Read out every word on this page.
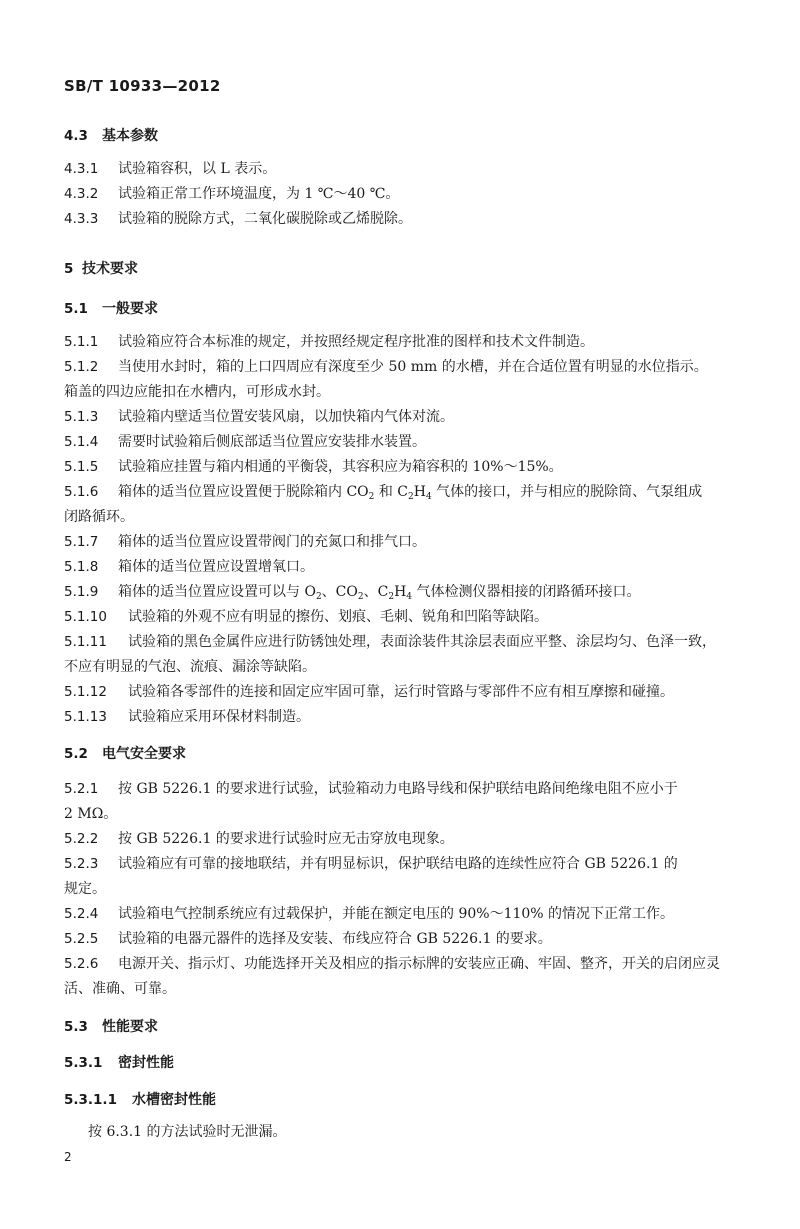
SB/T 10933—2012
4.3 基本参数
4.3.1 试验箱容积，以 L 表示。
4.3.2 试验箱正常工作环境温度，为 1 ℃～40 ℃。
4.3.3 试验箱的脱除方式，二氧化碳脱除或乙烯脱除。
5 技术要求
5.1 一般要求
5.1.1 试验箱应符合本标准的规定，并按照经规定程序批准的图样和技术文件制造。
5.1.2 当使用水封时，箱的上口四周应有深度至少 50 mm 的水槽，并在合适位置有明显的水位指示。
箱盖的四边应能扣在水槽内，可形成水封。
5.1.3 试验箱内壁适当位置安装风扇，以加快箱内气体对流。
5.1.4 需要时试验箱后侧底部适当位置应安装排水装置。
5.1.5 试验箱应挂置与箱内相通的平衡袋，其容积应为箱容积的 10%～15%。
5.1.6 箱体的适当位置应设置便于脱除箱内 $CO_2$ 和 $C_2H_4$ 气体的接口，并与相应的脱除筒、气泵组成
闭路循环。
5.1.7 箱体的适当位置应设置带阀门的充氮口和排气口。
5.1.8 箱体的适当位置应设置增氧口。
5.1.9 箱体的适当位置应设置可以与 $O_2$、$CO_2$、$C_2H_4$ 气体检测仪器相接的闭路循环接口。
5.1.10 试验箱的外观不应有明显的擦伤、划痕、毛刺、锐角和凹陷等缺陷。
5.1.11 试验箱的黑色金属件应进行防锈蚀处理，表面涂装件其涂层表面应平整、涂层均匀、色泽一致，
不应有明显的气泡、流痕、漏涂等缺陷。
5.1.12 试验箱各零部件的连接和固定应牢固可靠，运行时管路与零部件不应有相互摩擦和碰撞。
5.1.13 试验箱应采用环保材料制造。
5.2 电气安全要求
5.2.1 按 GB 5226.1 的要求进行试验，试验箱动力电路导线和保护联结电路间绝缘电阻不应小于
2 MΩ。
5.2.2 按 GB 5226.1 的要求进行试验时应无击穿放电现象。
5.2.3 试验箱应有可靠的接地联结，并有明显标识，保护联结电路的连续性应符合 GB 5226.1 的
规定。
5.2.4 试验箱电气控制系统应有过载保护，并能在额定电压的 90%～110% 的情况下正常工作。
5.2.5 试验箱的电器元器件的选择及安装、布线应符合 GB 5226.1 的要求。
5.2.6 电源开关、指示灯、功能选择开关及相应的指示标牌的安装应正确、牢固、整齐，开关的启闭应灵
活、准确、可靠。
5.3 性能要求
5.3.1 密封性能
5.3.1.1 水槽密封性能
按 6.3.1 的方法试验时无泄漏。
2
